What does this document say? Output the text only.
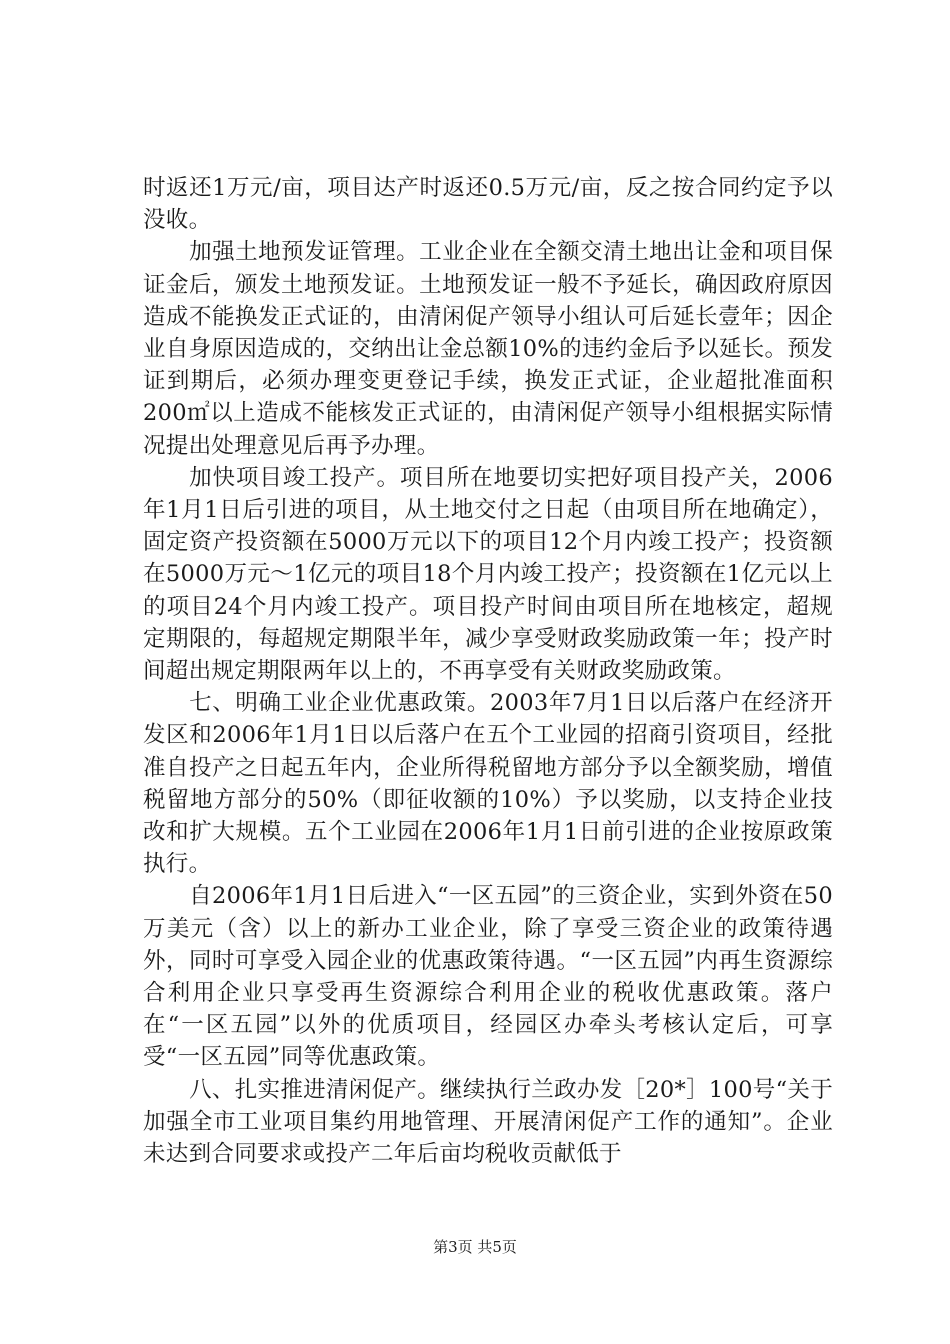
时返还1万元/亩，项目达产时返还0.5万元/亩，反之按合同约定予以没收。

加强土地预发证管理。工业企业在全额交清土地出让金和项目保证金后，颁发土地预发证。土地预发证一般不予延长，确因政府原因造成不能换发正式证的，由清闲促产领导小组认可后延长壹年；因企业自身原因造成的，交纳出让金总额10%的违约金后予以延长。预发证到期后，必须办理变更登记手续，换发正式证，企业超批准面积200㎡以上造成不能核发正式证的，由清闲促产领导小组根据实际情况提出处理意见后再予办理。

加快项目竣工投产。项目所在地要切实把好项目投产关，2006年1月1日后引进的项目，从土地交付之日起（由项目所在地确定），固定资产投资额在5000万元以下的项目12个月内竣工投产；投资额在5000万元～1亿元的项目18个月内竣工投产；投资额在1亿元以上的项目24个月内竣工投产。项目投产时间由项目所在地核定，超规定期限的，每超规定期限半年，减少享受财政奖励政策一年；投产时间超出规定期限两年以上的，不再享受有关财政奖励政策。

七、明确工业企业优惠政策。2003年7月1日以后落户在经济开发区和2006年1月1日以后落户在五个工业园的招商引资项目，经批准自投产之日起五年内，企业所得税留地方部分予以全额奖励，增值税留地方部分的50%（即征收额的10%）予以奖励，以支持企业技改和扩大规模。五个工业园在2006年1月1日前引进的企业按原政策执行。

自2006年1月1日后进入“一区五园”的三资企业，实到外资在50万美元（含）以上的新办工业企业，除了享受三资企业的政策待遇外，同时可享受入园企业的优惠政策待遇。“一区五园”内再生资源综合利用企业只享受再生资源综合利用企业的税收优惠政策。落户在“一区五园”以外的优质项目，经园区办牵头考核认定后，可享受“一区五园”同等优惠政策。

八、扎实推进清闲促产。继续执行兰政办发［20*］100号“关于加强全市工业项目集约用地管理、开展清闲促产工作的通知”。企业未达到合同要求或投产二年后亩均税收贡献低于

第3页 共5页
